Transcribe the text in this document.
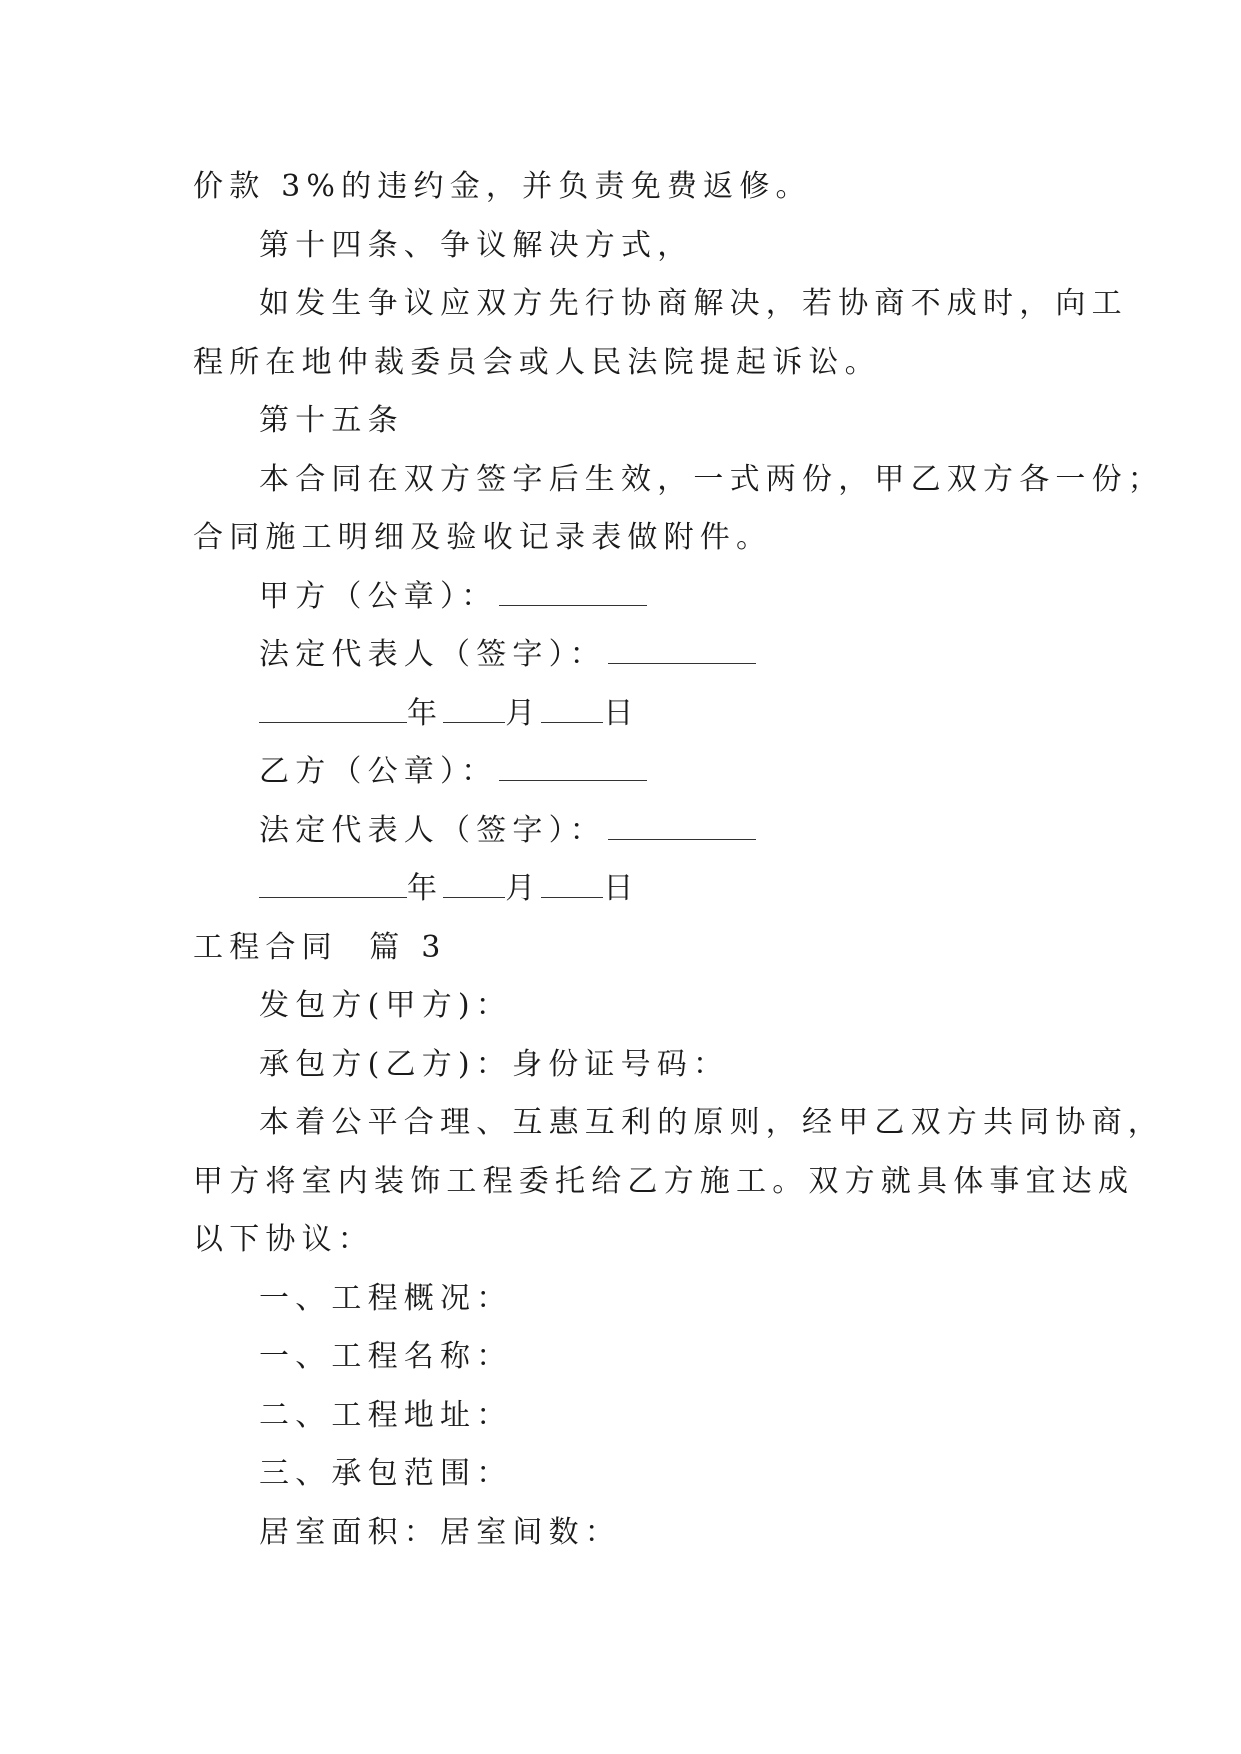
价款 3%的违约金，并负责免费返修。
第十四条、争议解决方式，
如发生争议应双方先行协商解决，若协商不成时，向工
程所在地仲裁委员会或人民法院提起诉讼。
第十五条
本合同在双方签字后生效，一式两份，甲乙双方各一份；
合同施工明细及验收记录表做附件。
甲方（公章）：
法定代表人（签字）：
年 月 日
乙方（公章）：
法定代表人（签字）：
年 月 日
工程合同  篇 3
发包方(甲方)：
承包方(乙方)：身份证号码：
本着公平合理、互惠互利的原则，经甲乙双方共同协商，
甲方将室内装饰工程委托给乙方施工。双方就具体事宜达成
以下协议：
一、工程概况：
一、工程名称：
二、工程地址：
三、承包范围：
居室面积：居室间数：
